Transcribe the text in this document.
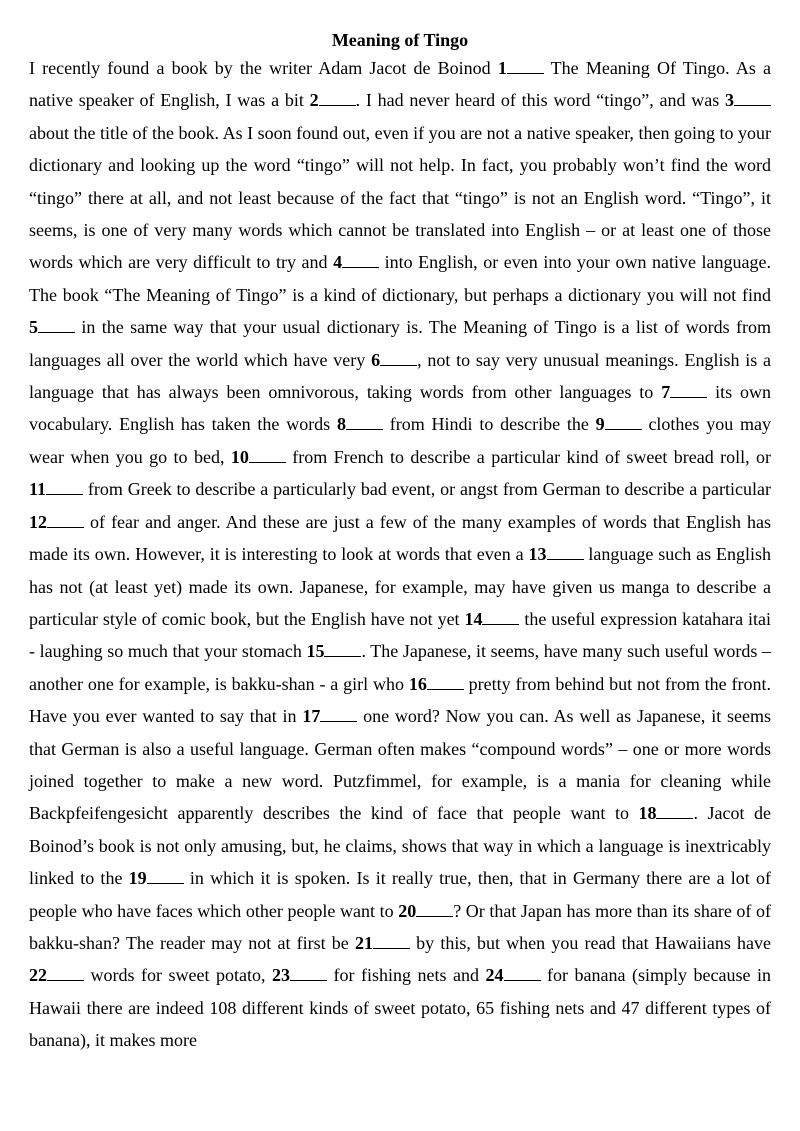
Meaning of Tingo

I recently found a book by the writer Adam Jacot de Boinod 1 The Meaning Of Tingo. As a native speaker of English, I was a bit 2 . I had never heard of this word “tingo”, and was 3 about the title of the book. As I soon found out, even if you are not a native speaker, then going to your dictionary and looking up the word “tingo” will not help. In fact, you probably won’t find the word “tingo” there at all, and not least because of the fact that “tingo” is not an English word. “Tingo”, it seems, is one of very many words which cannot be translated into English – or at least one of those words which are very difficult to try and 4 into English, or even into your own native language. The book “The Meaning of Tingo” is a kind of dictionary, but perhaps a dictionary you will not find 5 in the same way that your usual dictionary is. The Meaning of Tingo is a list of words from languages all over the world which have very 6 , not to say very unusual meanings. English is a language that has always been omnivorous, taking words from other languages to 7 its own vocabulary. English has taken the words 8 from Hindi to describe the 9 clothes you may wear when you go to bed, 10 from French to describe a particular kind of sweet bread roll, or 11 from Greek to describe a particularly bad event, or angst from German to describe a particular 12 of fear and anger. And these are just a few of the many examples of words that English has made its own. However, it is interesting to look at words that even a 13 language such as English has not (at least yet) made its own. Japanese, for example, may have given us manga to describe a particular style of comic book, but the English have not yet 14 the useful expression katahara itai - laughing so much that your stomach 15 . The Japanese, it seems, have many such useful words – another one for example, is bakku-shan - a girl who 16 pretty from behind but not from the front. Have you ever wanted to say that in 17 one word? Now you can. As well as Japanese, it seems that German is also a useful language. German often makes “compound words” – one or more words joined together to make a new word. Putzfimmel, for example, is a mania for cleaning while Backpfeifengesicht apparently describes the kind of face that people want to 18 . Jacot de Boinod’s book is not only amusing, but, he claims, shows that way in which a language is inextricably linked to the 19 in which it is spoken. Is it really true, then, that in Germany there are a lot of people who have faces which other people want to 20 ? Or that Japan has more than its share of of bakku-shan? The reader may not at first be 21 by this, but when you read that Hawaiians have 22 words for sweet potato, 23 for fishing nets and 24 for banana (simply because in Hawaii there are indeed 108 different kinds of sweet potato, 65 fishing nets and 47 different types of banana), it makes more
